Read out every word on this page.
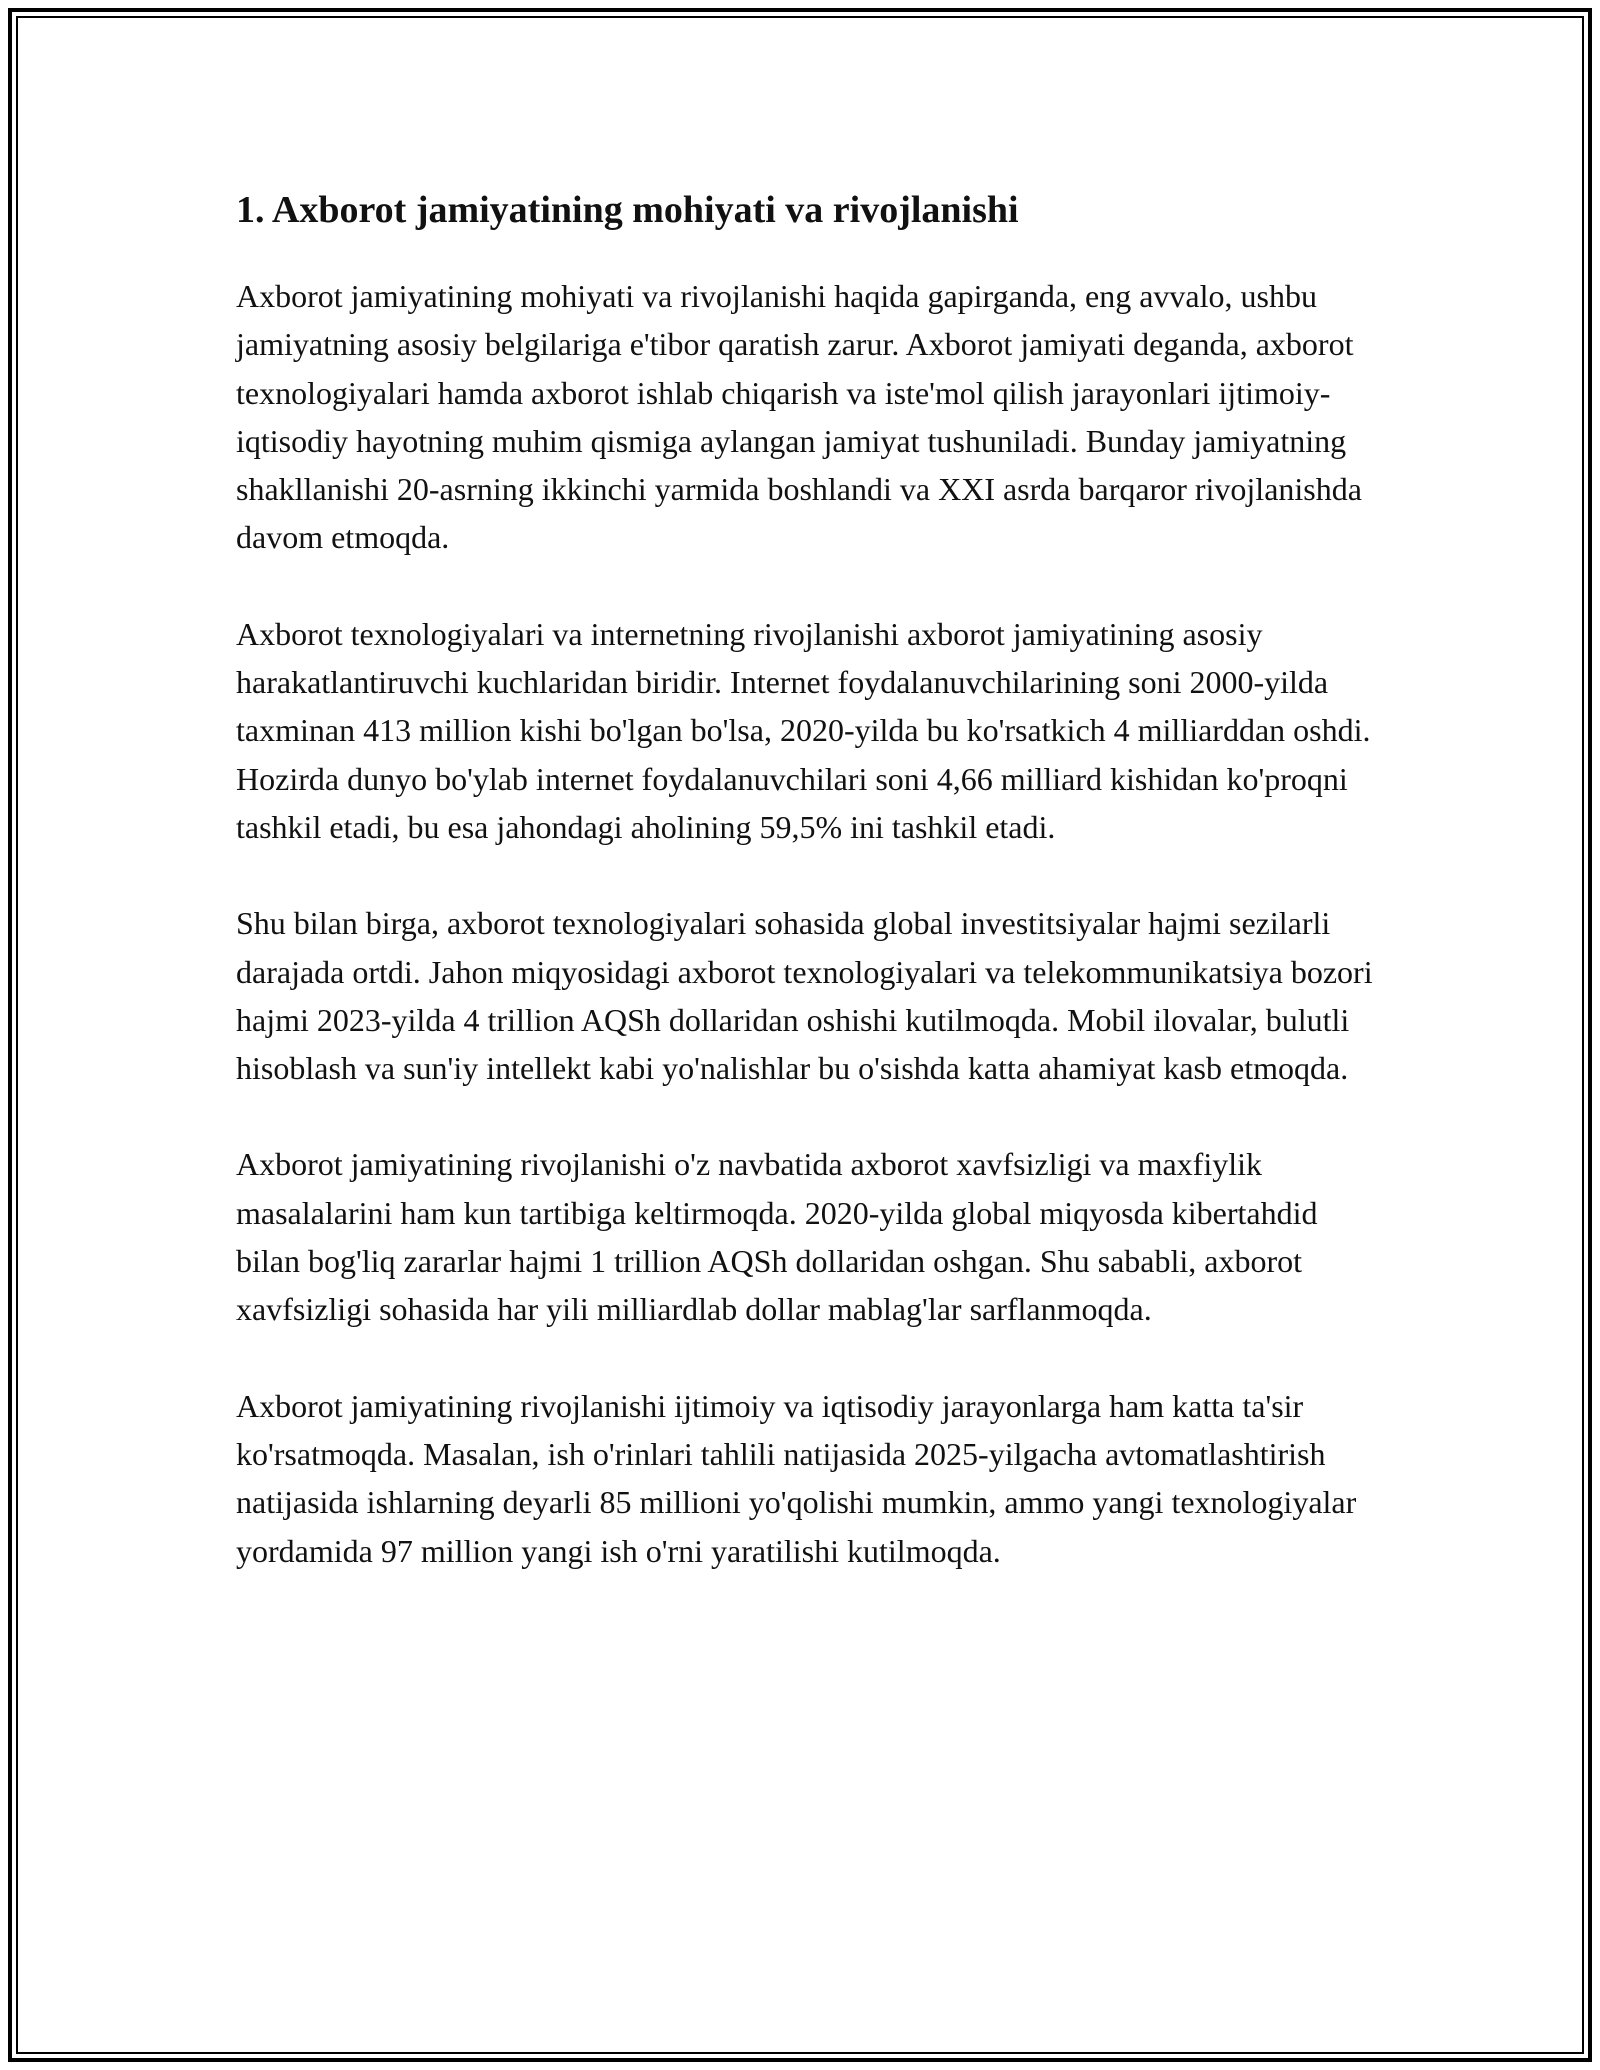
1. Axborot jamiyatining mohiyati va rivojlanishi

Axborot jamiyatining mohiyati va rivojlanishi haqida gapirganda, eng avvalo, ushbu jamiyatning asosiy belgilariga e'tibor qaratish zarur. Axborot jamiyati deganda, axborot texnologiyalari hamda axborot ishlab chiqarish va iste'mol qilish jarayonlari ijtimoiy-iqtisodiy hayotning muhim qismiga aylangan jamiyat tushuniladi. Bunday jamiyatning shakllanishi 20-asrning ikkinchi yarmida boshlandi va XXI asrda barqaror rivojlanishda davom etmoqda.

Axborot texnologiyalari va internetning rivojlanishi axborot jamiyatining asosiy harakatlantiruvchi kuchlaridan biridir. Internet foydalanuvchilarining soni 2000-yilda taxminan 413 million kishi bo'lgan bo'lsa, 2020-yilda bu ko'rsatkich 4 milliarddan oshdi. Hozirda dunyo bo'ylab internet foydalanuvchilari soni 4,66 milliard kishidan ko'proqni tashkil etadi, bu esa jahondagi aholining 59,5% ini tashkil etadi.

Shu bilan birga, axborot texnologiyalari sohasida global investitsiyalar hajmi sezilarli darajada ortdi. Jahon miqyosidagi axborot texnologiyalari va telekommunikatsiya bozori hajmi 2023-yilda 4 trillion AQSh dollaridan oshishi kutilmoqda. Mobil ilovalar, bulutli hisoblash va sun'iy intellekt kabi yo'nalishlar bu o'sishda katta ahamiyat kasb etmoqda.

Axborot jamiyatining rivojlanishi o'z navbatida axborot xavfsizligi va maxfiylik masalalarini ham kun tartibiga keltirmoqda. 2020-yilda global miqyosda kibertahdid bilan bog'liq zararlar hajmi 1 trillion AQSh dollaridan oshgan. Shu sababli, axborot xavfsizligi sohasida har yili milliardlab dollar mablag'lar sarflanmoqda.

Axborot jamiyatining rivojlanishi ijtimoiy va iqtisodiy jarayonlarga ham katta ta'sir ko'rsatmoqda. Masalan, ish o'rinlari tahlili natijasida 2025-yilgacha avtomatlashtirish natijasida ishlarning deyarli 85 millioni yo'qolishi mumkin, ammo yangi texnologiyalar yordamida 97 million yangi ish o'rni yaratilishi kutilmoqda.
